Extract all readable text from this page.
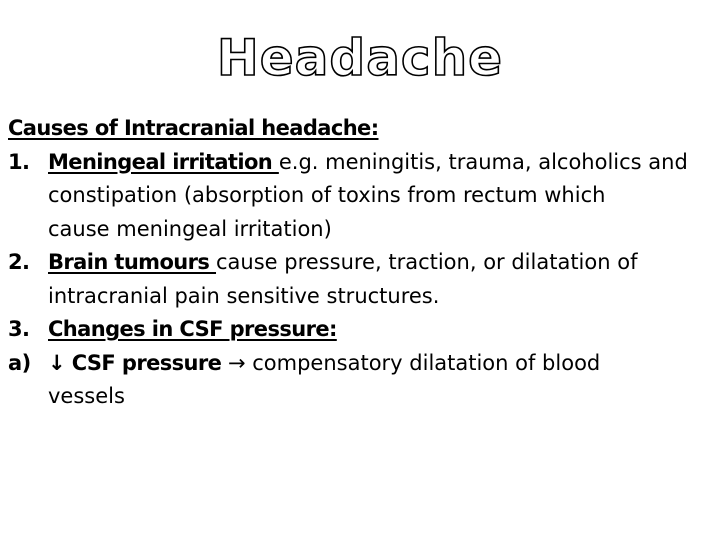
Headache
Causes of Intracranial headache:
1. Meningeal irritation e.g. meningitis, trauma, alcoholics and
constipation (absorption of toxins from rectum which
cause meningeal irritation)
2. Brain tumours cause pressure, traction, or dilatation of
intracranial pain sensitive structures.
3. Changes in CSF pressure:
a) ↓ CSF pressure → compensatory dilatation of blood
vessels
